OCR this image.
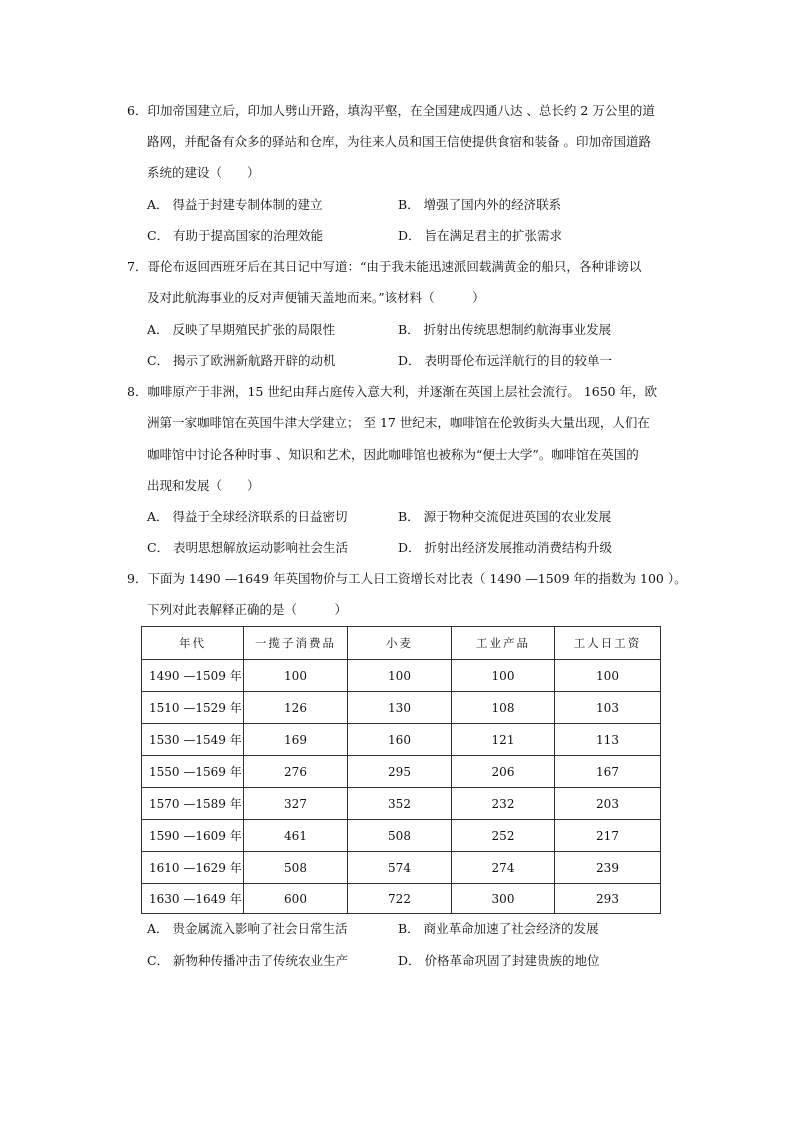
6．印加帝国建立后，印加人劈山开路，填沟平壑，在全国建成四通八达 、总长约 2 万公里的道
路网，并配备有众多的驿站和仓库，为往来人员和国王信使提供食宿和装备 。印加帝国道路
系统的建设（　　）
A． 得益于封建专制体制的建立	B． 增强了国内外的经济联系
C． 有助于提高国家的治理效能	D． 旨在满足君主的扩张需求
7．哥伦布返回西班牙后在其日记中写道：“由于我未能迅速派回载满黄金的船只，各种诽谤以
及对此航海事业的反对声便铺天盖地而来。”该材料（　　　）
A． 反映了早期殖民扩张的局限性	B． 折射出传统思想制约航海事业发展
C． 揭示了欧洲新航路开辟的动机	D． 表明哥伦布远洋航行的目的较单一
8．咖啡原产于非洲，15 世纪由拜占庭传入意大利，并逐渐在英国上层社会流行。 1650 年，欧
洲第一家咖啡馆在英国牛津大学建立； 至 17 世纪末，咖啡馆在伦敦街头大量出现，人们在
咖啡馆中讨论各种时事 、知识和艺术，因此咖啡馆也被称为“便士大学”。咖啡馆在英国的
出现和发展（　　）
A． 得益于全球经济联系的日益密切	B． 源于物种交流促进英国的农业发展
C． 表明思想解放运动影响社会生活	D． 折射出经济发展推动消费结构升级
9．下面为 1490 —1649 年英国物价与工人日工资增长对比表（ 1490 —1509 年的指数为 100 ）。
下列对此表解释正确的是（　　　）
年代	一揽子消费品	小麦	工业产品	工人日工资
1490 —1509 年	100	100	100	100
1510 —1529 年	126	130	108	103
1530 —1549 年	169	160	121	113
1550 —1569 年	276	295	206	167
1570 —1589 年	327	352	232	203
1590 —1609 年	461	508	252	217
1610 —1629 年	508	574	274	239
1630 —1649 年	600	722	300	293
A． 贵金属流入影响了社会日常生活	B． 商业革命加速了社会经济的发展
C． 新物种传播冲击了传统农业生产	D． 价格革命巩固了封建贵族的地位
